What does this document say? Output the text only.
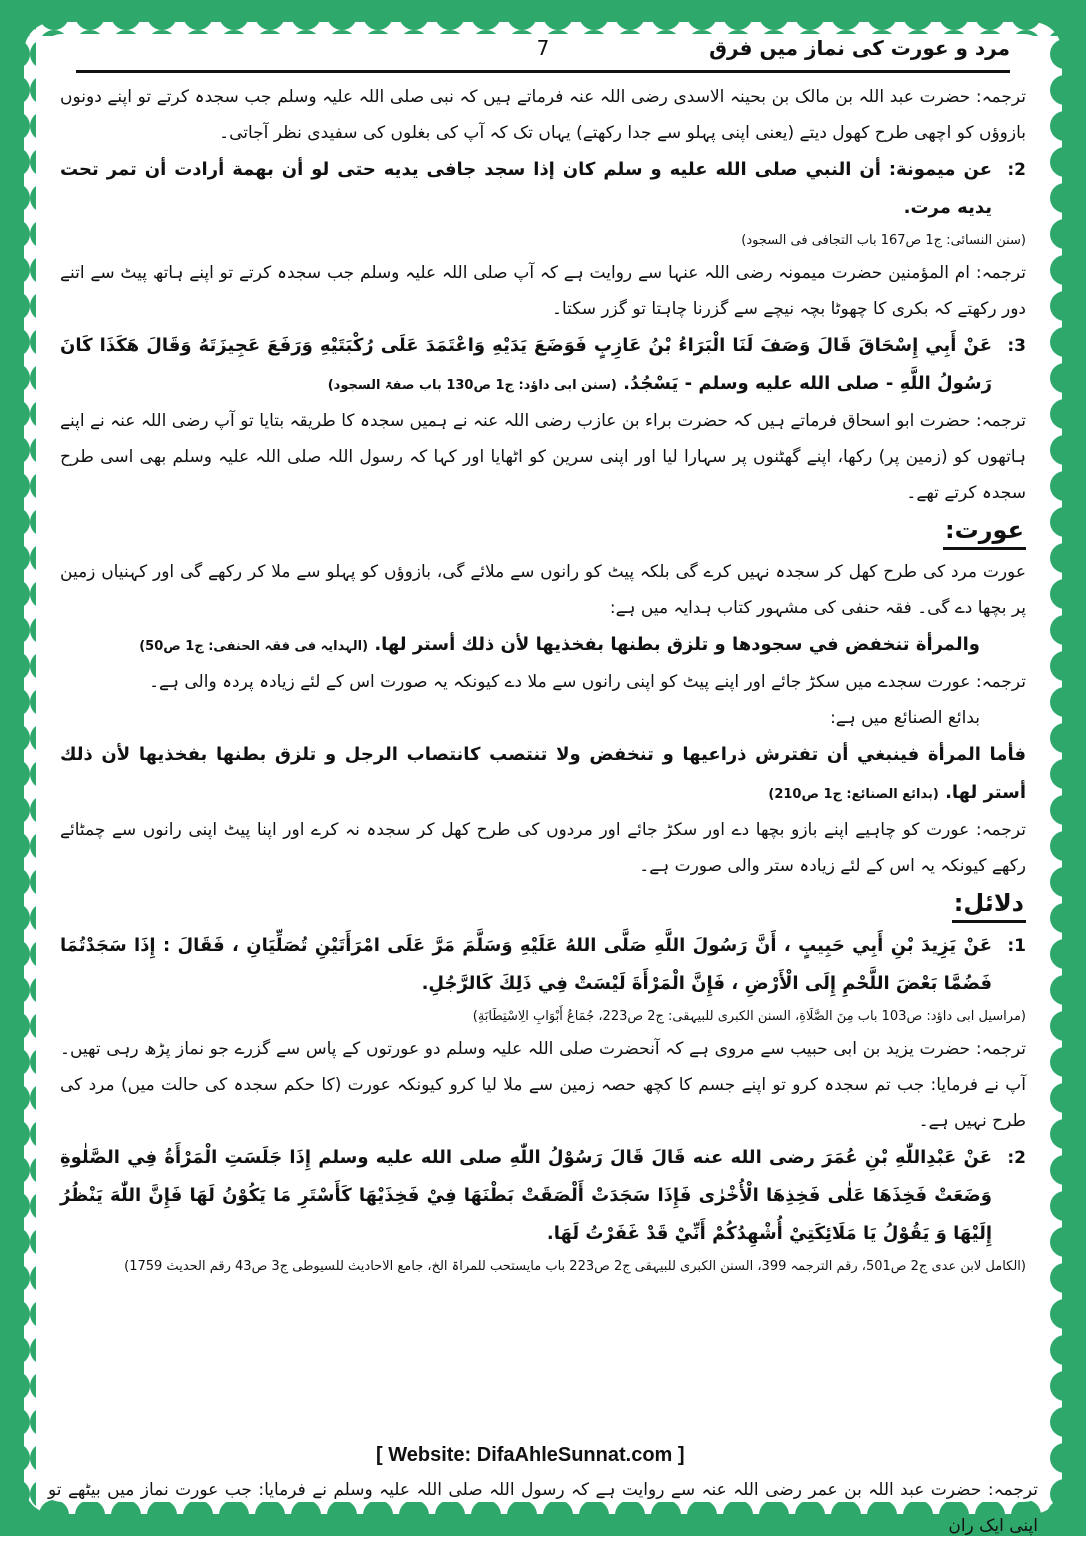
مرد و عورت کی نماز میں فرق
7

ترجمہ: حضرت عبد اللہ بن مالک بن بحینہ الاسدی رضی اللہ عنہ فرماتے ہیں کہ نبی صلی اللہ علیہ وسلم جب سجدہ کرتے تو اپنے دونوں بازوؤں کو اچھی طرح کھول دیتے (یعنی اپنی پہلو سے جدا رکھتے) یہاں تک کہ آپ کی بغلوں کی سفیدی نظر آجاتی۔

2:

عن میمونة: أن النبي صلى الله عليه و سلم كان إذا سجد جافى يديه حتى لو أن بهمة أرادت أن تمر تحت يديه مرت.

(سنن النسائی: ج1 ص167 باب التجافی فی السجود)

ترجمہ: ام المؤمنین حضرت میمونہ رضی اللہ عنہا سے روایت ہے کہ آپ صلی اللہ علیہ وسلم جب سجدہ کرتے تو اپنے ہاتھ پیٹ سے اتنے دور رکھتے کہ بکری کا چھوٹا بچہ نیچے سے گزرنا چاہتا تو گزر سکتا۔

3:

عَنْ أَبِي إِسْحَاقَ قَالَ وَصَفَ لَنَا الْبَرَاءُ بْنُ عَازِبٍ فَوَضَعَ يَدَيْهِ وَاعْتَمَدَ عَلَى رُكْبَتَيْهِ وَرَفَعَ عَجِيزَتَهُ وَقَالَ هَكَذَا كَانَ رَسُولُ اللَّهِ - صلى الله عليه وسلم - يَسْجُدُ. (سنن ابی داؤد: ج1 ص130 باب صفۃ السجود)

ترجمہ: حضرت ابو اسحاق فرماتے ہیں کہ حضرت براء بن عازب رضی اللہ عنہ نے ہمیں سجدہ کا طریقہ بتایا تو آپ رضی اللہ عنہ نے اپنے ہاتھوں کو (زمین پر) رکھا، اپنے گھٹنوں پر سہارا لیا اور اپنی سرین کو اٹھایا اور کہا کہ رسول اللہ صلی اللہ علیہ وسلم بھی اسی طرح سجدہ کرتے تھے۔

عورت:

عورت مرد کی طرح کھل کر سجدہ نہیں کرے گی بلکہ پیٹ کو رانوں سے ملائے گی، بازوؤں کو پہلو سے ملا کر رکھے گی اور کہنیاں زمین پر بچھا دے گی۔ فقہ حنفی کی مشہور کتاب ہدایہ میں ہے:

والمرأة تنخفض في سجودها و تلزق بطنها بفخذيها لأن ذلك أستر لها. (الہدایہ فی فقہ الحنفی: ج1 ص50)

ترجمہ: عورت سجدے میں سکڑ جائے اور اپنے پیٹ کو اپنی رانوں سے ملا دے کیونکہ یہ صورت اس کے لئے زیادہ پردہ والی ہے۔

بدائع الصنائع میں ہے:

فأما المرأة فينبغي أن تفترش ذراعيها و تنخفض ولا تنتصب كانتصاب الرجل و تلزق بطنها بفخذيها لأن ذلك أستر لها. (بدائع الصنائع: ج1 ص210)

ترجمہ: عورت کو چاہیے اپنے بازو بچھا دے اور سکڑ جائے اور مردوں کی طرح کھل کر سجدہ نہ کرے اور اپنا پیٹ اپنی رانوں سے چمٹائے رکھے کیونکہ یہ اس کے لئے زیادہ ستر والی صورت ہے۔

دلائل:
1:

عَنْ يَزِيدَ بْنِ أَبِي حَبِيبٍ ، أَنَّ رَسُولَ اللَّهِ صَلَّى اللهُ عَلَيْهِ وَسَلَّمَ مَرَّ عَلَى امْرَأَتَيْنِ تُصَلِّيَانِ ، فَقَالَ : إِذَا سَجَدْتُمَا فَضُمَّا بَعْضَ اللَّحْمِ إِلَى الْأَرْضِ ، فَإِنَّ الْمَرْأَةَ لَيْسَتْ فِي ذَلِكَ كَالرَّجُلِ.

(مراسیل ابی داؤد: ص103 باب مِنَ الصَّلَاةِ، السنن الکبری للبیہقی: ج2 ص223، جُمَاعُ أَبْوَابِ الِاسْتِطَابَةِ)

ترجمہ: حضرت یزید بن ابی حبیب سے مروی ہے کہ آنحضرت صلی اللہ علیہ وسلم دو عورتوں کے پاس سے گزرے جو نماز پڑھ رہی تھیں۔ آپ نے فرمایا: جب تم سجدہ کرو تو اپنے جسم کا کچھ حصہ زمین سے ملا لیا کرو کیونکہ عورت (کا حکم سجدہ کی حالت میں) مرد کی طرح نہیں ہے۔

2:

عَنْ عَبْدِاللّٰهِ بْنِ عُمَرَ رضی الله عنه قَالَ قَالَ رَسُوْلُ اللّٰهِ صلی الله علیه وسلم إِذَا جَلَسَتِ الْمَرْأَةُ فِي الصَّلٰوةِ وَضَعَتْ فَخِذَهَا عَلٰى فَخِذِهَا الْأُخْرٰى فَإِذَا سَجَدَتْ أَلْصَقَتْ بَطْنَهَا فِيْ فَخِذَيْهَا كَأَسْتَرِ مَا يَكُوْنُ لَهَا فَإِنَّ اللّٰهَ يَنْظُرُ إِلَيْهَا وَ يَقُوْلُ يَا مَلَائِكَتِيْ أُشْهِدُكُمْ أَنِّيْ قَدْ غَفَرْتُ لَهَا.

(الکامل لابن عدی ج2 ص501، رقم الترجمہ 399، السنن الکبری للبیہقی ج2 ص223 باب مایستحب للمراۃ الخ، جامع الاحادیث للسیوطی ج3 ص43 رقم الحدیث 1759)

ترجمہ: حضرت عبد اللہ بن عمر رضی اللہ عنہ سے روایت ہے کہ رسول اللہ صلی اللہ علیہ وسلم نے فرمایا: جب عورت نماز میں بیٹھے تو اپنی ایک ران

[ Website: DifaAhleSunnat.com ]
